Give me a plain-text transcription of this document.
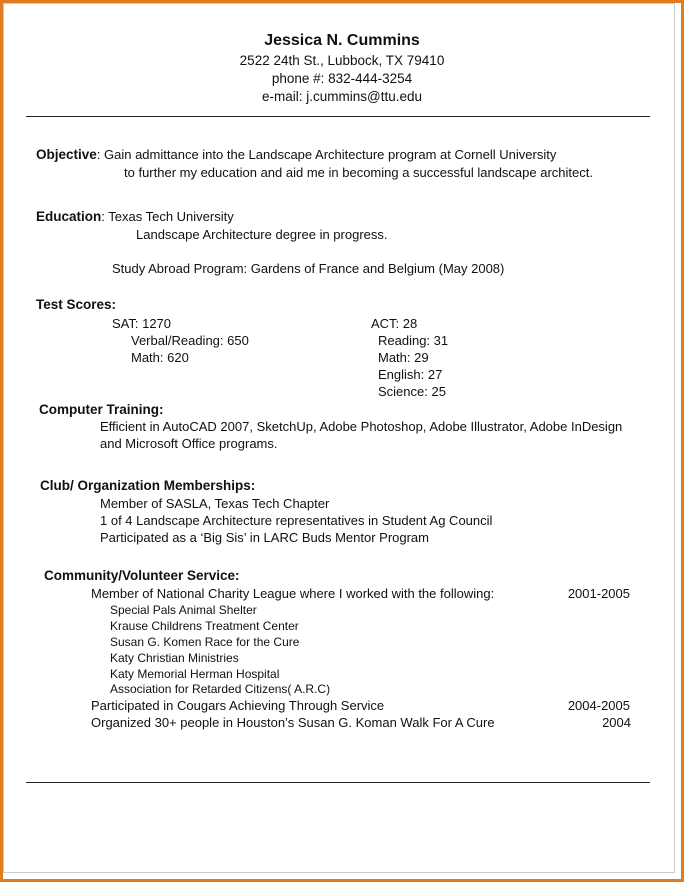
Jessica N. Cummins
2522 24th St., Lubbock, TX 79410
phone #: 832-444-3254
e-mail: j.cummins@ttu.edu
Objective: Gain admittance into the Landscape Architecture program at Cornell University
to further my education and aid me in becoming a successful landscape architect.
Education: Texas Tech University
Landscape Architecture degree in progress.
Study Abroad Program: Gardens of France and Belgium (May 2008)
Test Scores:
SAT: 1270
Verbal/Reading: 650
Math: 620
ACT: 28
Reading: 31
Math: 29
English: 27
Science: 25
Computer Training:
Efficient in AutoCAD 2007, SketchUp, Adobe Photoshop, Adobe Illustrator, Adobe InDesign
and Microsoft Office programs.
Club/ Organization Memberships:
Member of SASLA, Texas Tech Chapter
1 of 4 Landscape Architecture representatives in Student Ag Council
Participated as a ‘Big Sis’ in LARC Buds Mentor Program
Community/Volunteer Service:
Member of National Charity League where I worked with the following:	2001-2005
Special Pals Animal Shelter
Krause Childrens Treatment Center
Susan G. Komen Race for the Cure
Katy Christian Ministries
Katy Memorial Herman Hospital
Association for Retarded Citizens( A.R.C)
Participated in Cougars Achieving Through Service	2004-2005
Organized 30+ people in Houston’s Susan G. Koman Walk For A Cure	2004
